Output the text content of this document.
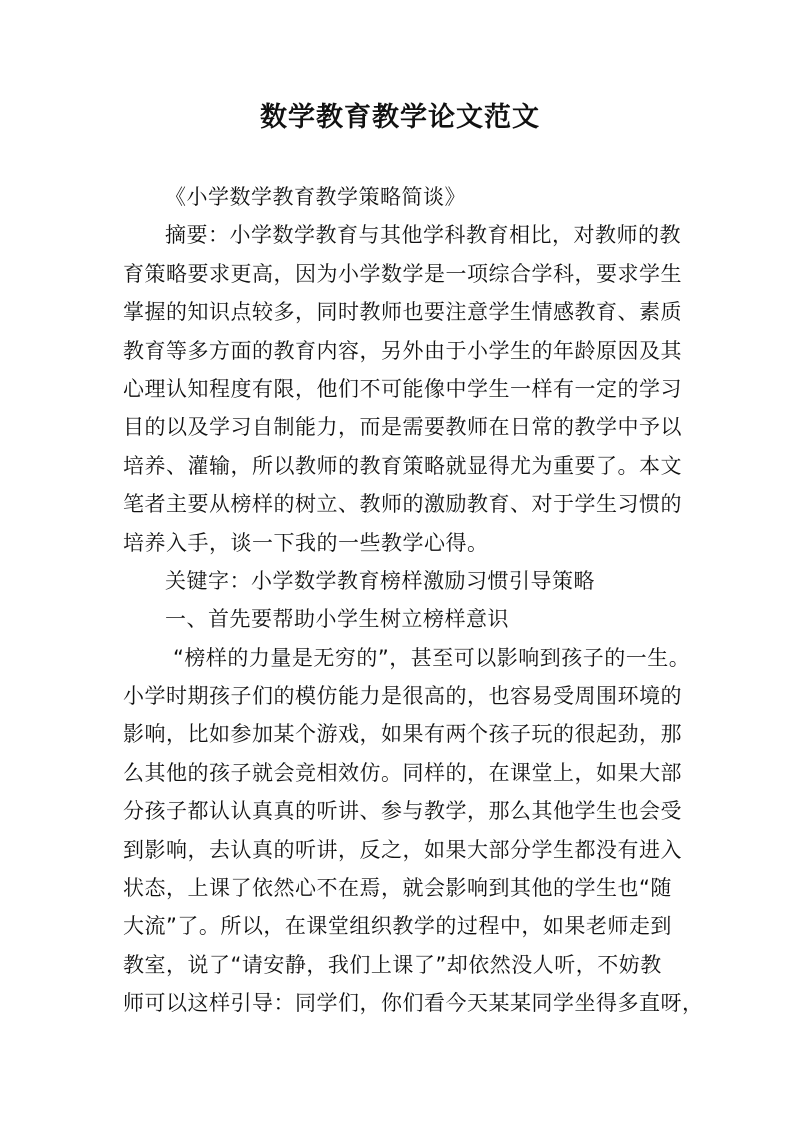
数学教育教学论文范文
《小学数学教育教学策略简谈》
摘要：小学数学教育与其他学科教育相比，对教师的教
育策略要求更高，因为小学数学是一项综合学科，要求学生
掌握的知识点较多，同时教师也要注意学生情感教育、素质
教育等多方面的教育内容，另外由于小学生的年龄原因及其
心理认知程度有限，他们不可能像中学生一样有一定的学习
目的以及学习自制能力，而是需要教师在日常的教学中予以
培养、灌输，所以教师的教育策略就显得尤为重要了。本文
笔者主要从榜样的树立、教师的激励教育、对于学生习惯的
培养入手，谈一下我的一些教学心得。
关键字：小学数学教育榜样激励习惯引导策略
一、首先要帮助小学生树立榜样意识
“榜样的力量是无穷的”，甚至可以影响到孩子的一生。
小学时期孩子们的模仿能力是很高的，也容易受周围环境的
影响，比如参加某个游戏，如果有两个孩子玩的很起劲，那
么其他的孩子就会竞相效仿。同样的，在课堂上，如果大部
分孩子都认认真真的听讲、参与教学，那么其他学生也会受
到影响，去认真的听讲，反之，如果大部分学生都没有进入
状态，上课了依然心不在焉，就会影响到其他的学生也“随
大流”了。所以，在课堂组织教学的过程中，如果老师走到
教室，说了“请安静，我们上课了”却依然没人听，不妨教
师可以这样引导：同学们，你们看今天某某同学坐得多直呀，
